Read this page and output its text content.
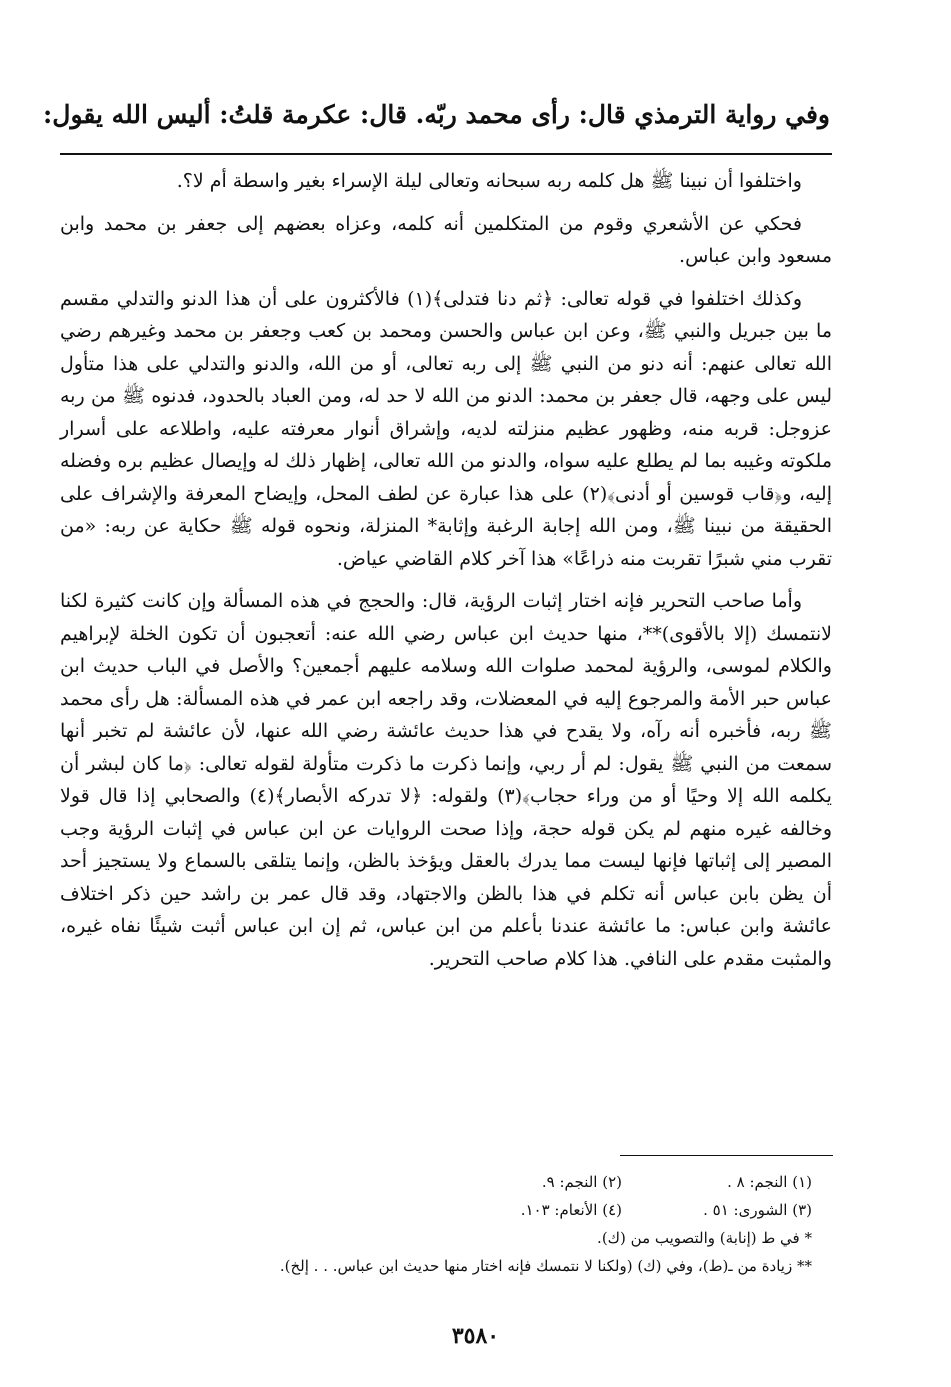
وفي رواية الترمذي قال: رأى محمد ربّه. قال: عكرمة قلتُ: أليس الله يقول:

واختلفوا أن نبينا ﷺ هل كلمه ربه سبحانه وتعالى ليلة الإسراء بغير واسطة أم لا؟.

فحكي عن الأشعري وقوم من المتكلمين أنه كلمه، وعزاه بعضهم إلى جعفر بن محمد وابن مسعود وابن عباس.

وكذلك اختلفوا في قوله تعالى: ﴿ثم دنا فتدلى﴾(١) فالأكثرون على أن هذا الدنو والتدلي مقسم ما بين جبريل والنبي ﷺ، وعن ابن عباس والحسن ومحمد بن كعب وجعفر بن محمد وغيرهم رضي الله تعالى عنهم: أنه دنو من النبي ﷺ إلى ربه تعالى، أو من الله، والدنو والتدلي على هذا متأول ليس على وجهه، قال جعفر بن محمد: الدنو من الله لا حد له، ومن العباد بالحدود، فدنوه ﷺ من ربه عزوجل: قربه منه، وظهور عظيم منزلته لديه، وإشراق أنوار معرفته عليه، واطلاعه على أسرار ملكوته وغيبه بما لم يطلع عليه سواه، والدنو من الله تعالى، إظهار ذلك له وإيصال عظيم بره وفضله إليه، و﴿قاب قوسين أو أدنى﴾(٢) على هذا عبارة عن لطف المحل، وإيضاح المعرفة والإشراف على الحقيقة من نبينا ﷺ، ومن الله إجابة الرغبة وإثابة* المنزلة، ونحوه قوله ﷺ حكاية عن ربه: «من تقرب مني شبرًا تقربت منه ذراعًا» هذا آخر كلام القاضي عياض.

وأما صاحب التحرير فإنه اختار إثبات الرؤية، قال: والحجج في هذه المسألة وإن كانت كثيرة لكنا لانتمسك (إلا بالأقوى)**، منها حديث ابن عباس رضي الله عنه: أتعجبون أن تكون الخلة لإبراهيم والكلام لموسى، والرؤية لمحمد صلوات الله وسلامه عليهم أجمعين؟ والأصل في الباب حديث ابن عباس حبر الأمة والمرجوع إليه في المعضلات، وقد راجعه ابن عمر في هذه المسألة: هل رأى محمد ﷺ ربه، فأخبره أنه رآه، ولا يقدح في هذا حديث عائشة رضي الله عنها، لأن عائشة لم تخبر أنها سمعت من النبي ﷺ يقول: لم أر ربي، وإنما ذكرت ما ذكرت متأولة لقوله تعالى: ﴿ما كان لبشر أن يكلمه الله إلا وحيًا أو من وراء حجاب﴾(٣) ولقوله: ﴿لا تدركه الأبصار﴾(٤) والصحابي إذا قال قولا وخالفه غيره منهم لم يكن قوله حجة، وإذا صحت الروايات عن ابن عباس في إثبات الرؤية وجب المصير إلى إثباتها فإنها ليست مما يدرك بالعقل ويؤخذ بالظن، وإنما يتلقى بالسماع ولا يستجيز أحد أن يظن بابن عباس أنه تكلم في هذا بالظن والاجتهاد، وقد قال عمر بن راشد حين ذكر اختلاف عائشة وابن عباس: ما عائشة عندنا بأعلم من ابن عباس، ثم إن ابن عباس أثبت شيئًا نفاه غيره، والمثبت مقدم على النافي. هذا كلام صاحب التحرير.

(١) النجم: ٨ .
(٢) النجم: ٩.
(٣) الشورى: ٥١ .
(٤) الأنعام: ١٠٣.

* في ط (إنابة) والتصويب من (ك).

** زيادة من ـ(ط)، وفي (ك) (ولكنا لا نتمسك فإنه اختار منها حديث ابن عباس. . . إلخ).

٣٥٨٠
